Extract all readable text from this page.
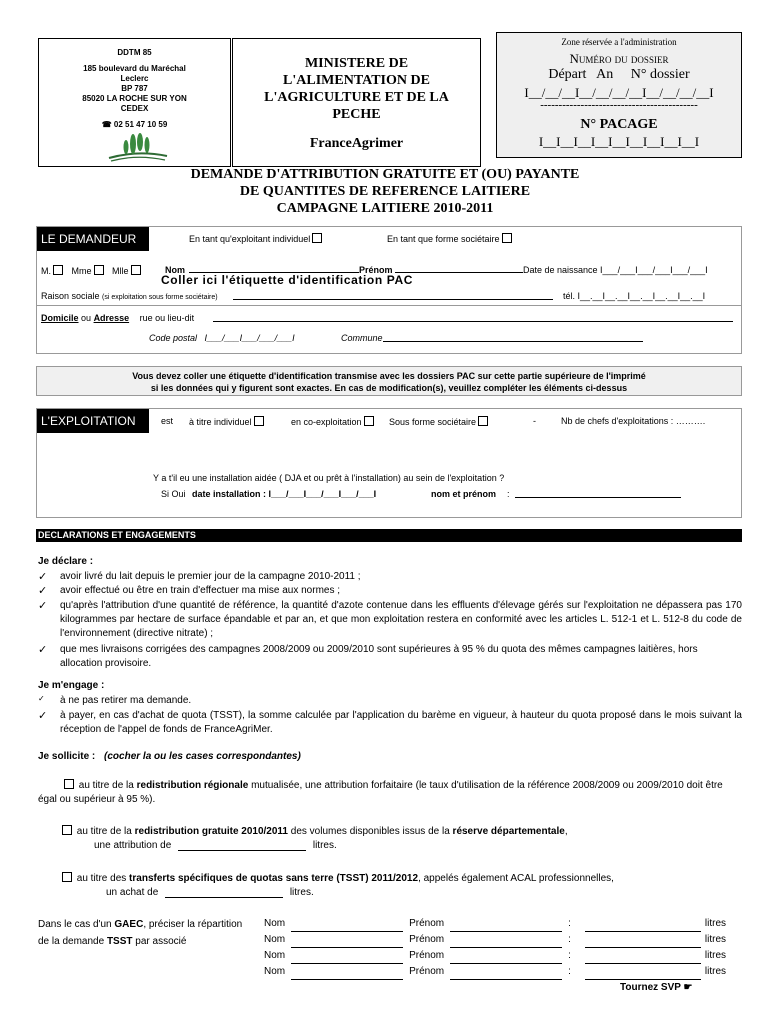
DDTM 85
185 boulevard du Maréchal
Leclerc
BP 787
85020 LA ROCHE SUR YON
CEDEX
☎ 02 51 47 10 59
MINISTERE DE
L'ALIMENTATION DE
L'AGRICULTURE ET DE LA
PECHE
FranceAgrimer
Zone réservée a l'administration
Numéro du dossier
Départ   An     N° dossier
I__/__/__I__/__/__/__I__/__/__/__I
-------------------------------------------
N° PACAGE
I__I__I__I__I__I__I__I__I__I
DEMANDE D'ATTRIBUTION GRATUITE ET (OU) PAYANTE
DE QUANTITES DE REFERENCE LAITIERE
CAMPAGNE LAITIERE 2010-2011
LE DEMANDEUR	En tant qu'exploitant individuel	En tant que forme sociétaire
M. Mme Mlle	Nom	Prénom	Date de naissance I___/___I___/___I___/___I
Coller ici l'étiquette d'identification PAC
Raison sociale (si exploitation sous forme sociétaire)	tél. I__.__I__.__I__.__I__.__I__.__I
Domicile ou Adresse rue ou lieu-dit
Code postal   I___/___I___/___/___I	Commune
Vous devez coller une étiquette d'identification transmise avec les dossiers PAC sur cette partie supérieure de l'imprimé
si les données qui y figurent sont exactes. En cas de modification(s), veuillez compléter les éléments ci-dessus
L'EXPLOITATION	est à titre individuel	en co-exploitation	Sous forme sociétaire	-	Nb de chefs d'exploitations : ……….
Y a t'il eu une installation aidée ( DJA et ou prêt à l'installation) au sein de l'exploitation ?
Si Oui date installation : I___/___I___/___I___/___I	nom et prénom :
DECLARATIONS ET ENGAGEMENTS
Je déclare :
✓ avoir livré du lait depuis le premier jour de la campagne 2010-2011 ;
✓ avoir effectué ou être en train d'effectuer ma mise aux normes ;
✓ qu'après l'attribution d'une quantité de référence, la quantité d'azote contenue dans les effluents d'élevage gérés sur l'exploitation ne dépassera pas 170 kilogrammes par hectare de surface épandable et par an, et que mon exploitation restera en conformité avec les articles L. 512-1 et L. 512-8 du code de l'environnement (directive nitrate) ;
✓ que mes livraisons corrigées des campagnes 2008/2009 ou 2009/2010 sont supérieures à 95 % du quota des mêmes campagnes laitières, hors allocation provisoire.
Je m'engage :
✓ à ne pas retirer ma demande.
✓ à payer, en cas d'achat de quota (TSST), la somme calculée par l'application du barème en vigueur, à hauteur du quota proposé dans le mois suivant la réception de l'appel de fonds de FranceAgriMer.
Je sollicite : (cocher la ou les cases correspondantes)
au titre de la redistribution régionale mutualisée, une attribution forfaitaire (le taux d'utilisation de la référence 2008/2009 ou 2009/2010 doit être égal ou supérieur à 95 %).
au titre de la redistribution gratuite 2010/2011 des volumes disponibles issus de la réserve départementale,
une attribution de	litres.
au titre des transferts spécifiques de quotas sans terre (TSST) 2011/2012, appelés également ACAL professionnelles,
un achat de	litres.
Dans le cas d'un GAEC, préciser la répartition
de la demande TSST par associé
Nom	Prénom	:	litres
Nom	Prénom	:	litres
Nom	Prénom	:	litres
Nom	Prénom	:	litres
Tournez SVP ☛
